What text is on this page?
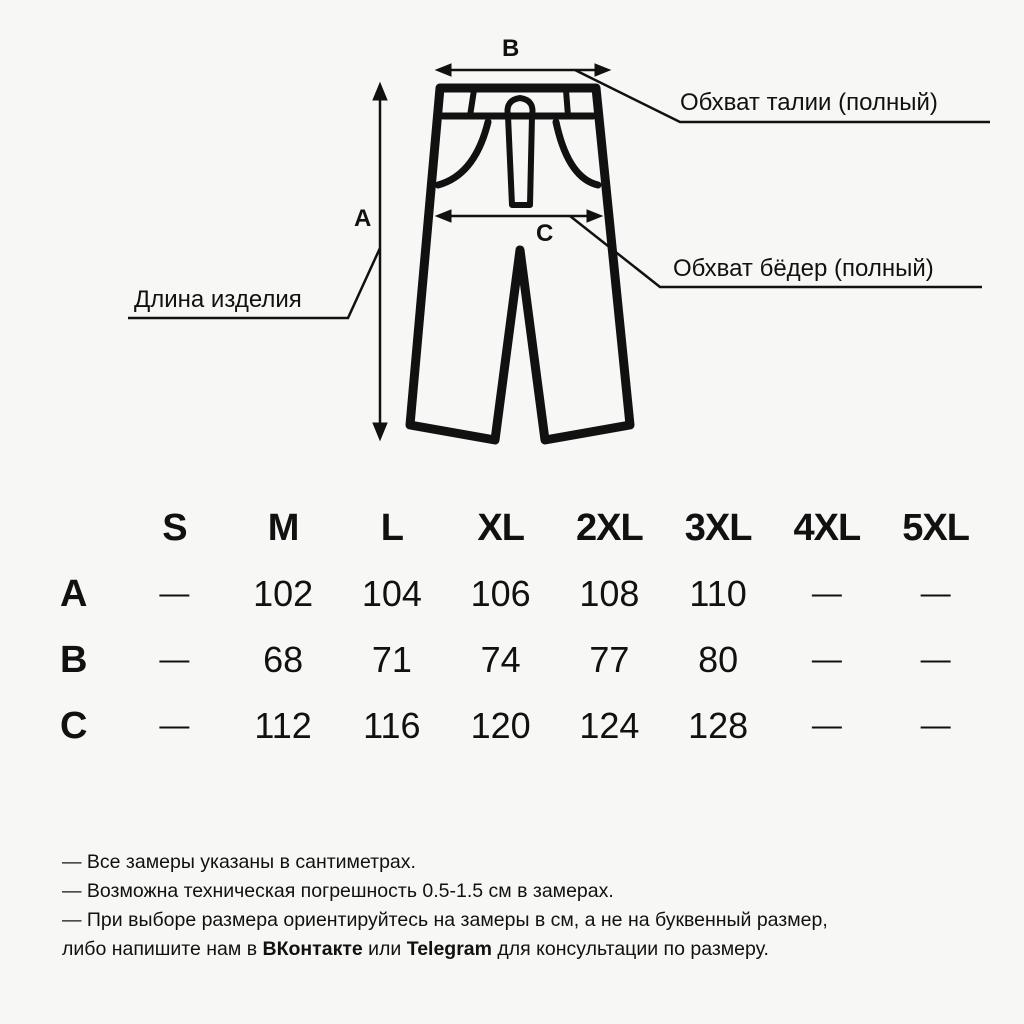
B
A
C
Длина изделия
Обхват талии (полный)
Обхват бёдер (полный)
	S	M	L	XL	2XL	3XL	4XL	5XL
A	—	102	104	106	108	110	—	—
B	—	68	71	74	77	80	—	—
C	—	112	116	120	124	128	—	—
— Все замеры указаны в сантиметрах.
— Возможна техническая погрешность 0.5-1.5 см в замерах.
— При выборе размера ориентируйтесь на замеры в см, а не на буквенный размер,
либо напишите нам в ВКонтакте или Telegram для консультации по размеру.
